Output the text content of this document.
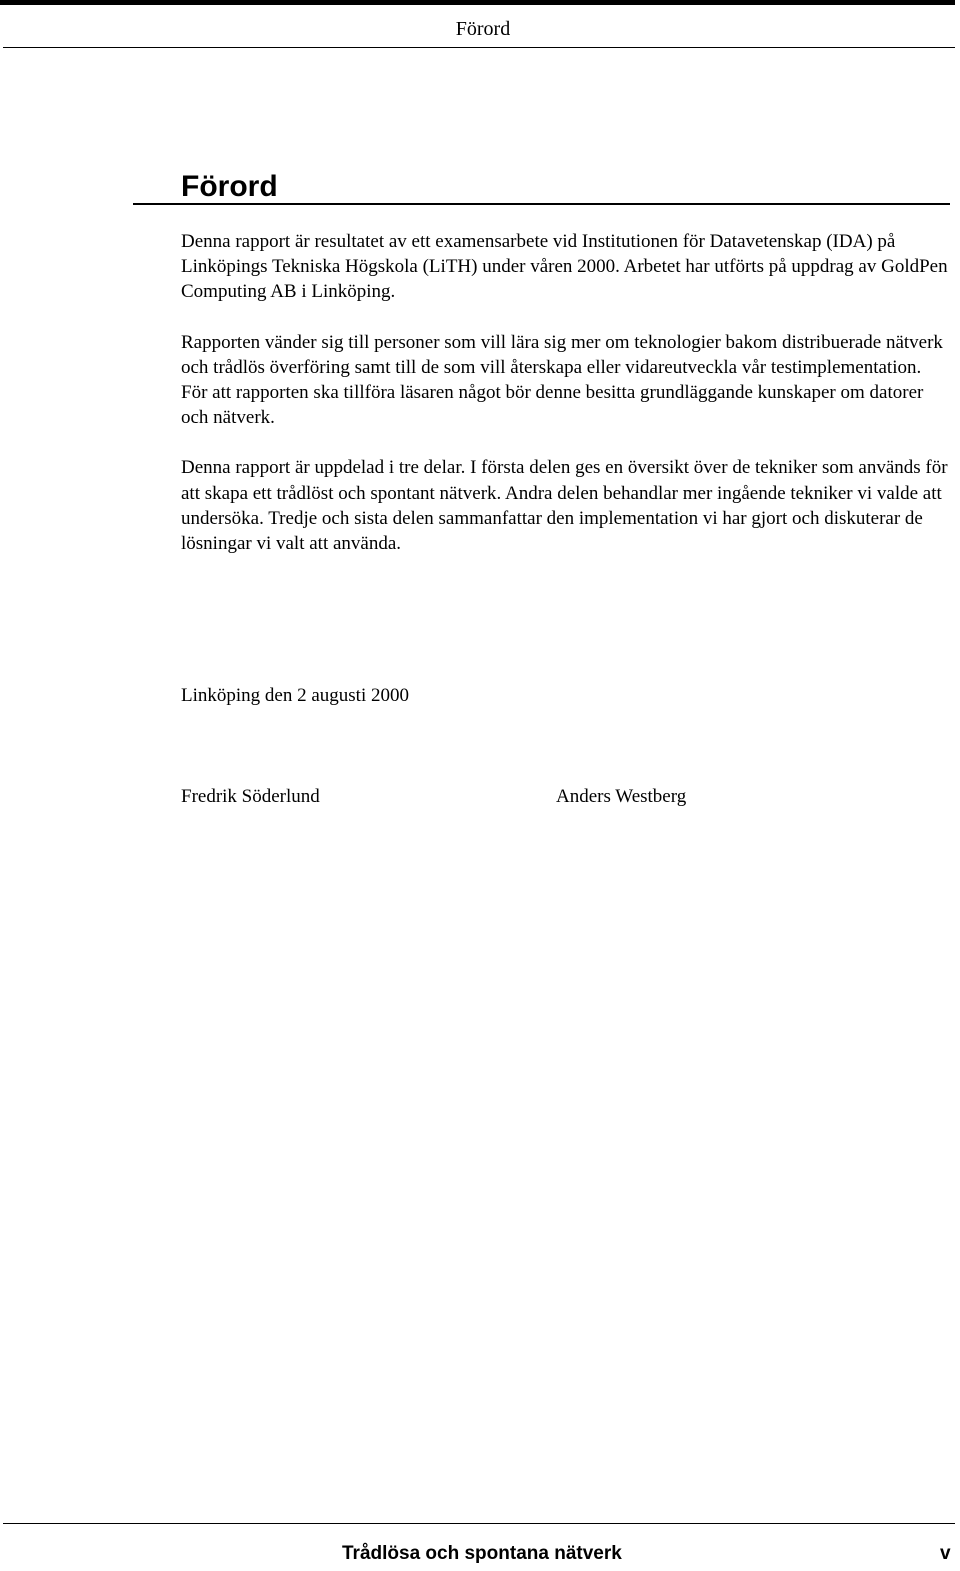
Förord
Förord

Denna rapport är resultatet av ett examensarbete vid Institutionen för Datavetenskap (IDA) på Linköpings Tekniska Högskola (LiTH) under våren 2000. Arbetet har utförts på uppdrag av GoldPen Computing AB i Linköping.

Rapporten vänder sig till personer som vill lära sig mer om teknologier bakom distribuerade nätverk och trådlös överföring samt till de som vill återskapa eller vidareutveckla vår testimplementation. För att rapporten ska tillföra läsaren något bör denne besitta grundläggande kunskaper om datorer och nätverk.

Denna rapport är uppdelad i tre delar. I första delen ges en översikt över de tekniker som används för att skapa ett trådlöst och spontant nätverk. Andra delen behandlar mer ingående tekniker vi valde att undersöka. Tredje och sista delen sammanfattar den implementation vi har gjort och diskuterar de lösningar vi valt att använda.

Linköping den 2 augusti 2000
Fredrik Söderlund	Anders Westberg
Trådlösa och spontana nätverk	v
